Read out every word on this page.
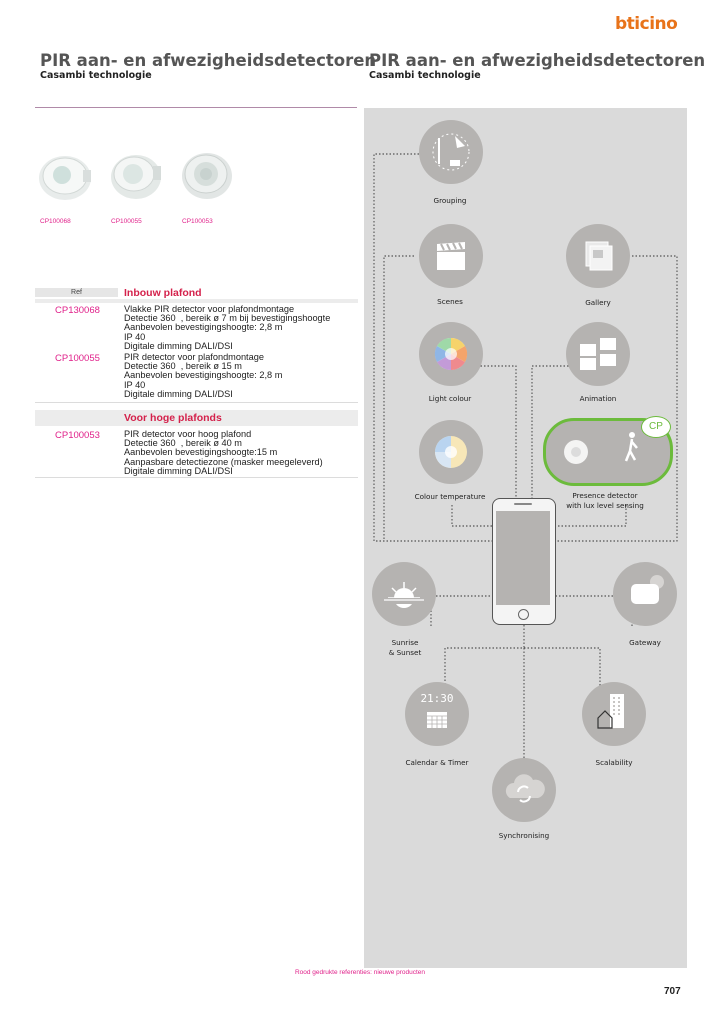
bticino
PIR aan- en afwezigheidsdetectoren
Casambi technologie
PIR aan- en afwezigheidsdetectoren
Casambi technologie
CP100068	CP100055	CP100053
Ref	Inbouw plafond
CP130068	Vlakke PIR detector voor plafondmontage
Detectie 360  , bereik ø 7 m bij bevestigingshoogte
Aanbevolen bevestigingshoogte: 2,8 m
IP 40
Digitale dimming DALI/DSI
CP100055	PIR detector voor plafondmontage
Detectie 360  , bereik ø 15 m
Aanbevolen bevestigingshoogte: 2,8 m
IP 40
Digitale dimming DALI/DSI
Voor hoge plafonds
CP100053	PIR detector voor hoog plafond
Detectie 360  , bereik ø 40 m
Aanbevolen bevestigingshoogte:15 m
Aanpasbare detectiezone (masker meegeleverd)
Digitale dimming DALI/DSI
Grouping
Scenes	Gallery
Light colour	Animation
Colour temperature
CP
Presence detector
with lux level sensing
Sunrise
& Sunset
Gateway
21:30
Calendar & Timer	Scalability
Synchronising
Rood gedrukte referenties: nieuwe producten
707
